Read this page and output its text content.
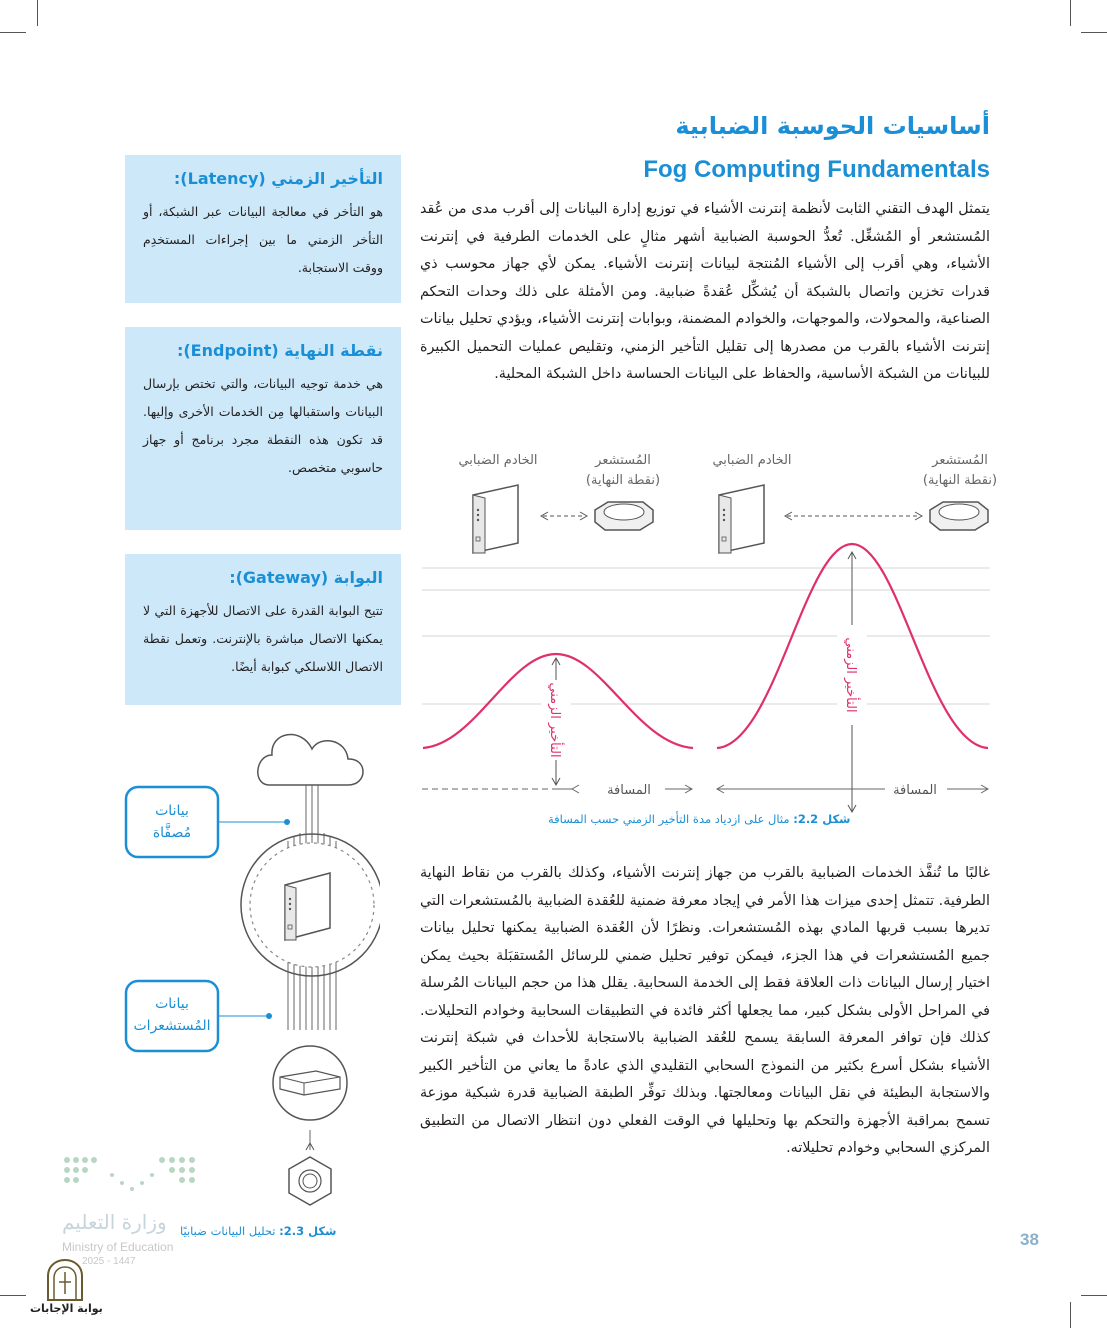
أساسيات الحوسبة الضبابية
Fog Computing Fundamentals
يتمثل الهدف التقني الثابت لأنظمة إنترنت الأشياء في توزيع إدارة البيانات إلى أقرب مدى من عُقد المُستشعر أو المُشغِّل. تُعدُّ الحوسبة الضبابية أشهر مثالٍ على الخدمات الطرفية في إنترنت الأشياء، وهي أقرب إلى الأشياء المُنتجة لبيانات إنترنت الأشياء. يمكن لأي جهاز محوسب ذي قدرات تخزين واتصال بالشبكة أن يُشكِّل عُقدةً ضبابية. ومن الأمثلة على ذلك وحدات التحكم الصناعية، والمحولات، والموجهات، والخوادم المضمنة، وبوابات إنترنت الأشياء، ويؤدي تحليل بيانات إنترنت الأشياء بالقرب من مصدرها إلى تقليل التأخير الزمني، وتقليص عمليات التحميل الكبيرة للبيانات من الشبكة الأساسية، والحفاظ على البيانات الحساسة داخل الشبكة المحلية.
الخادم الضبابي	المُستشعر
(نقطة النهاية)
الخادم الضبابي	المُستشعر
(نقطة النهاية)
التأخير الزمني
التأخير الزمني
المسافة	المسافة
شكل 2.2: مثال على ازدياد مدة التأخير الزمني حسب المسافة
غالبًا ما تُنفَّذ الخدمات الضبابية بالقرب من جهاز إنترنت الأشياء، وكذلك بالقرب من نقاط النهاية الطرفية. تتمثل إحدى ميزات هذا الأمر في إيجاد معرفة ضمنية للعُقدة الضبابية بالمُستشعرات التي تديرها بسبب قربها المادي بهذه المُستشعرات. ونظرًا لأن العُقدة الضبابية يمكنها تحليل بيانات جميع المُستشعرات في هذا الجزء، فيمكن توفير تحليل ضمني للرسائل المُستقبَلة بحيث يمكن اختيار إرسال البيانات ذات العلاقة فقط إلى الخدمة السحابية. يقلل هذا من حجم البيانات المُرسلة في المراحل الأولى بشكل كبير، مما يجعلها أكثر فائدة في التطبيقات السحابية وخوادم التحليلات. كذلك فإن توافر المعرفة السابقة يسمح للعُقد الضبابية بالاستجابة للأحداث في شبكة إنترنت الأشياء بشكل أسرع بكثير من النموذج السحابي التقليدي الذي عادةً ما يعاني من التأخير الكبير والاستجابة البطيئة في نقل البيانات ومعالجتها. وبذلك توفِّر الطبقة الضبابية قدرة شبكية موزعة تسمح بمراقبة الأجهزة والتحكم بها وتحليلها في الوقت الفعلي دون انتظار الاتصال من التطبيق المركزي السحابي وخوادم تحليلاته.
التأخير الزمني (Latency):

هو التأخر في معالجة البيانات عبر الشبكة، أو التأخر الزمني ما بين إجراءات المستخدِم ووقت الاستجابة.

نقطة النهاية (Endpoint):

هي خدمة توجيه البيانات، والتي تختص بإرسال البيانات واستقبالها مِن الخدمات الأخرى وإليها. قد تكون هذه النقطة مجرد برنامج أو جهاز حاسوبي متخصص.

البوابة (Gateway):

تتيح البوابة القدرة على الاتصال للأجهزة التي لا يمكنها الاتصال مباشرة بالإنترنت. وتعمل نقطة الاتصال اللاسلكي كبوابة أيضًا.

بيانات
مُصفَّاة
بيانات
المُستشعرات
شكل 2.3: تحليل البيانات ضبابيًا
وزارة التعليم
Ministry of Education
2025 - 1447
بوابة الإجابات
38
